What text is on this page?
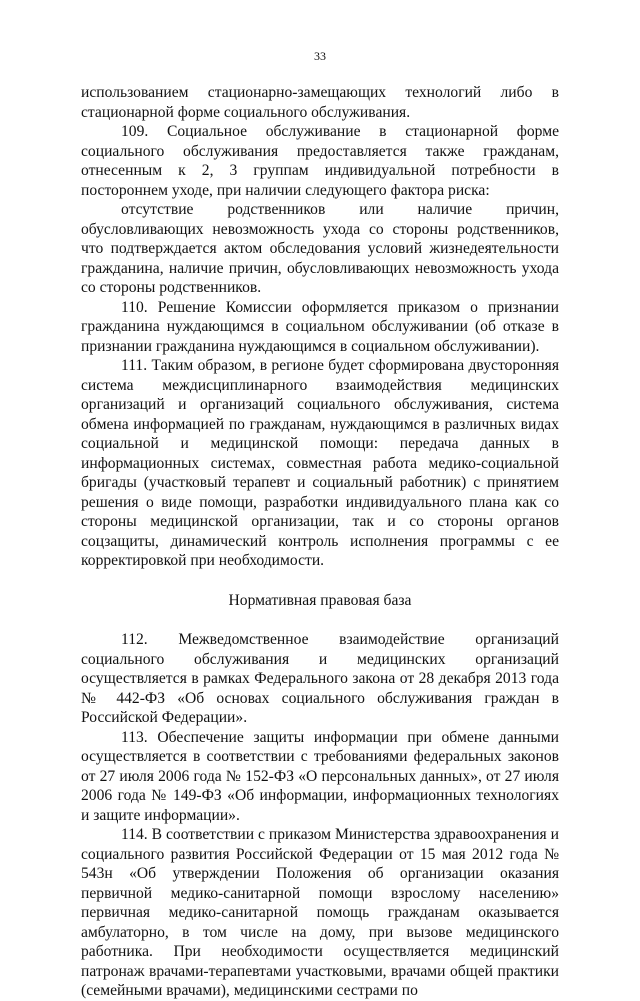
33

использованием стационарно-замещающих технологий либо в стационарной форме социального обслуживания.

109. Социальное обслуживание в стационарной форме социального обслуживания предоставляется также гражданам, отнесенным к 2, 3 группам индивидуальной потребности в постороннем уходе, при наличии следующего фактора риска:

отсутствие родственников или наличие причин, обусловливающих невозможность ухода со стороны родственников, что подтверждается актом обследования условий жизнедеятельности гражданина, наличие причин, обусловливающих невозможность ухода со стороны родственников.

110. Решение Комиссии оформляется приказом о признании гражданина нуждающимся в социальном обслуживании (об отказе в признании гражданина нуждающимся в социальном обслуживании).

111. Таким образом, в регионе будет сформирована двусторонняя система междисциплинарного взаимодействия медицинских организаций и организаций социального обслуживания, система обмена информацией по гражданам, нуждающимся в различных видах социальной и медицинской помощи: передача данных в информационных системах, совместная работа медико-социальной бригады (участковый терапевт и социальный работник) с принятием решения о виде помощи, разработки индивидуального плана как со стороны медицинской организации, так и со стороны органов соцзащиты, динамический контроль исполнения программы с ее корректировкой при необходимости.

Нормативная правовая база

112. Межведомственное взаимодействие организаций социального обслуживания и медицинских организаций осуществляется в рамках Федерального закона от 28 декабря 2013 года № 442-ФЗ «Об основах социального обслуживания граждан в Российской Федерации».

113. Обеспечение защиты информации при обмене данными осуществляется в соответствии с требованиями федеральных законов от 27 июля 2006 года № 152-ФЗ «О персональных данных», от 27 июля 2006 года № 149-ФЗ «Об информации, информационных технологиях и защите информации».

114. В соответствии с приказом Министерства здравоохранения и социального развития Российской Федерации от 15 мая 2012 года № 543н «Об утверждении Положения об организации оказания первичной медико-санитарной помощи взрослому населению» первичная медико-санитарной помощь гражданам оказывается амбулаторно, в том числе на дому, при вызове медицинского работника. При необходимости осуществляется медицинский патронаж врачами-терапевтами участковыми, врачами общей практики (семейными врачами), медицинскими сестрами по
